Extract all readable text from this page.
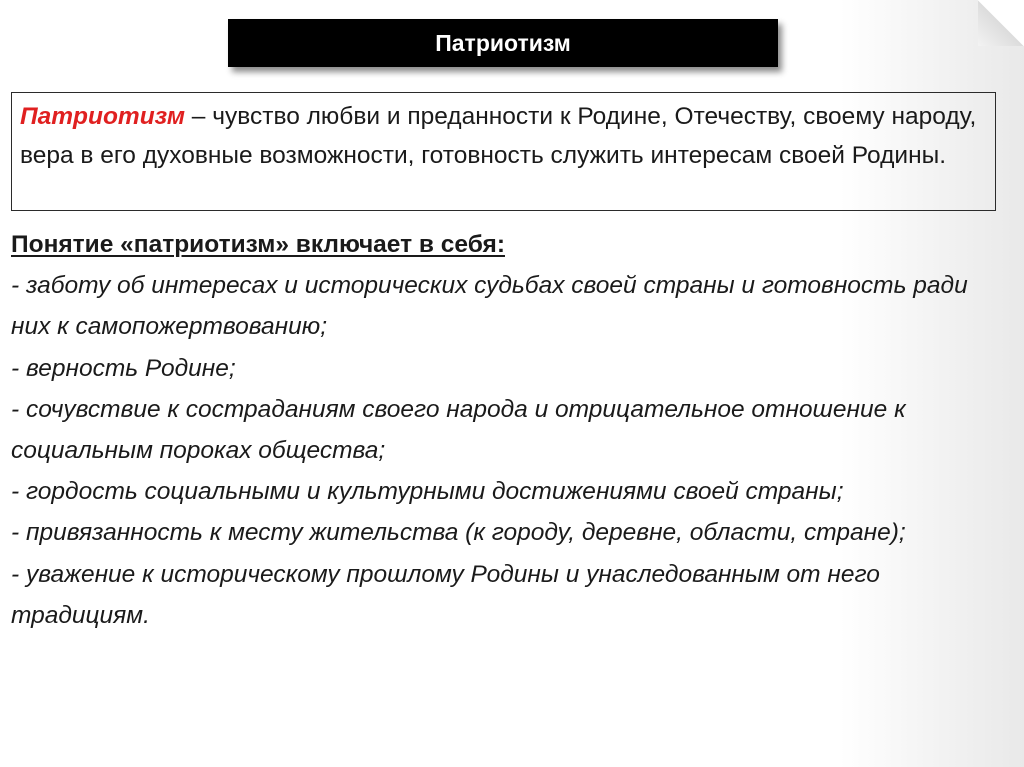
Патриотизм
Патриотизм – чувство любви и преданности к Родине, Отечеству, своему народу, вера в его духовные возможности, готовность служить интересам своей Родины.
Понятие «патриотизм» включает в себя:
- заботу об интересах и исторических судьбах своей страны и готовность ради них к самопожертвованию;
- верность Родине;
- сочувствие к состраданиям своего народа и отрицательное отношение к социальным пороках общества;
- гордость социальными и культурными достижениями своей страны;
- привязанность к месту жительства (к городу, деревне, области, стране);
- уважение к историческому прошлому Родины и унаследованным от него традициям.
